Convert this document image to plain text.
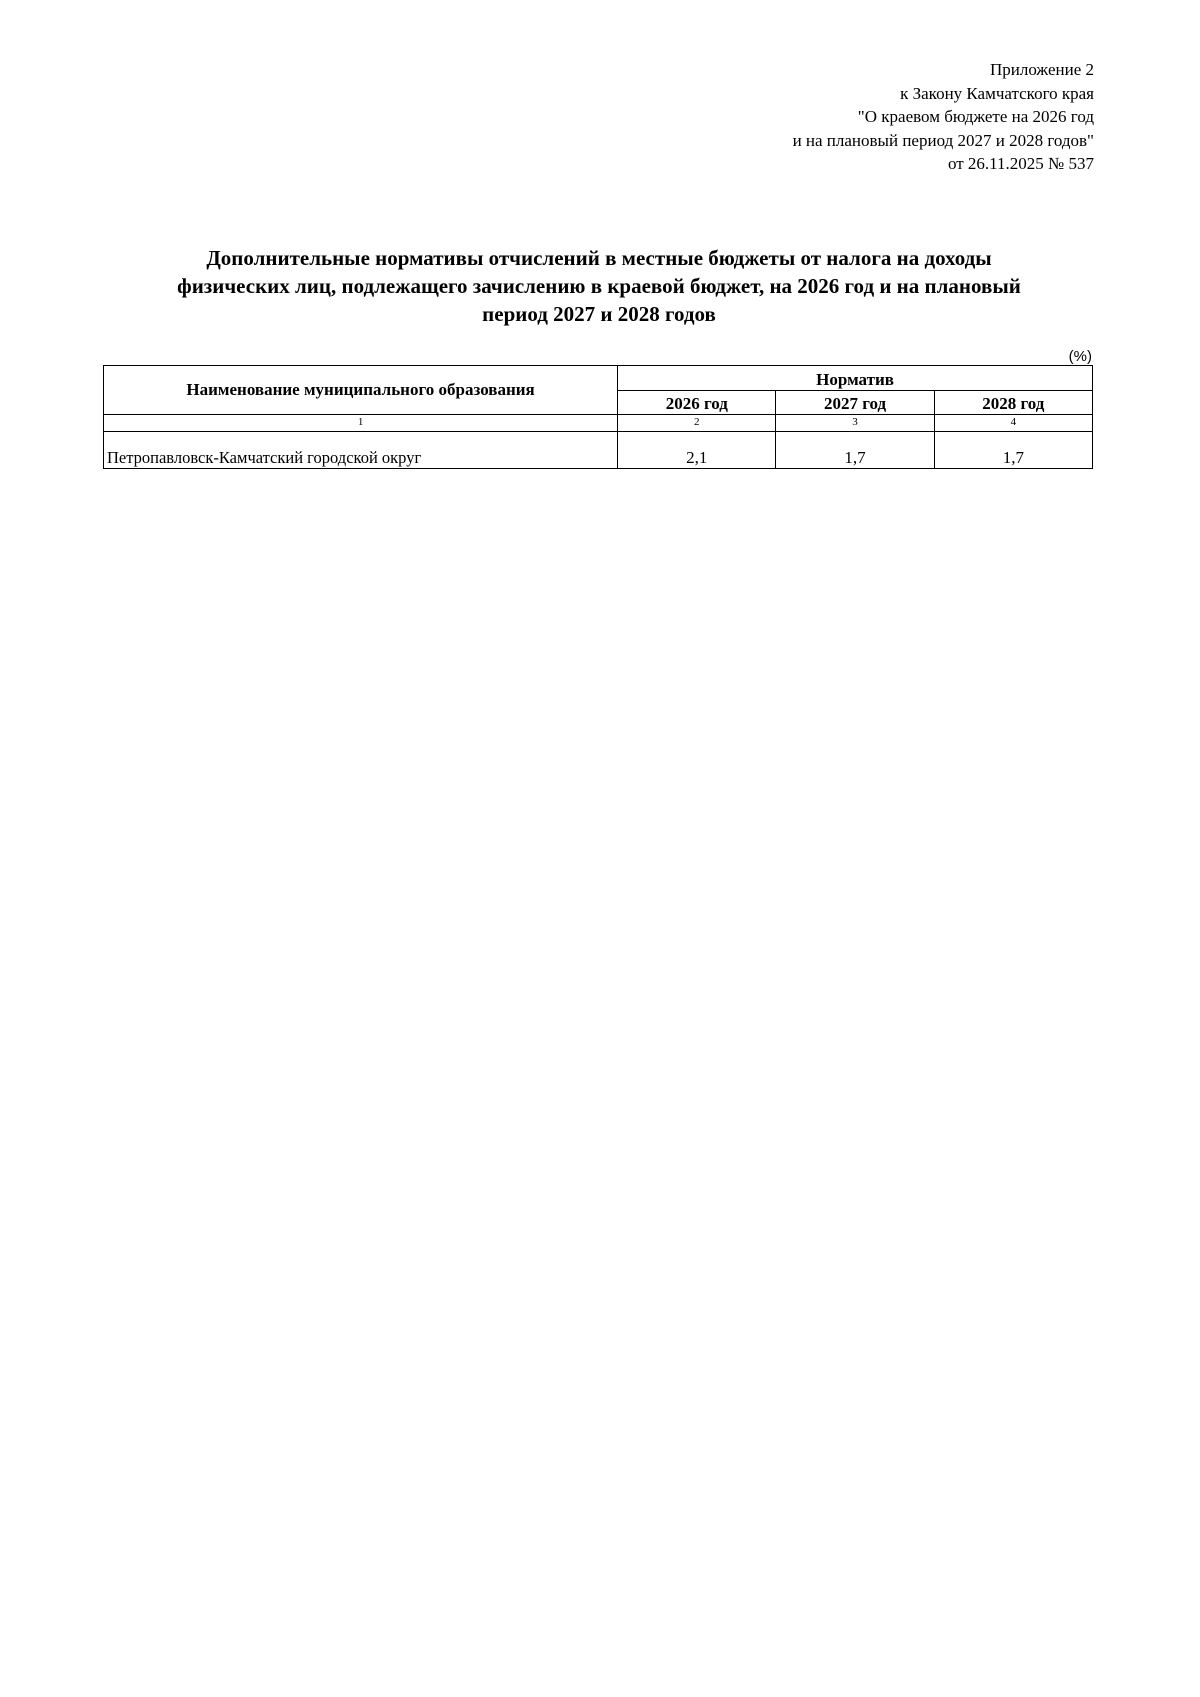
Приложение 2
к Закону Камчатского края
"О краевом бюджете на 2026 год
и на плановый период 2027 и 2028 годов"
от 26.11.2025 № 537
Дополнительные нормативы отчислений в местные бюджеты от налога на доходы
физических лиц, подлежащего зачислению в краевой бюджет, на 2026 год и на плановый
период 2027 и 2028 годов
(%)
Наименование муниципального образования	Норматив		
	2026 год	2027 год	2028 год
1	2	3	4
Петропавловск-Камчатский городской округ	2,1	1,7	1,7
